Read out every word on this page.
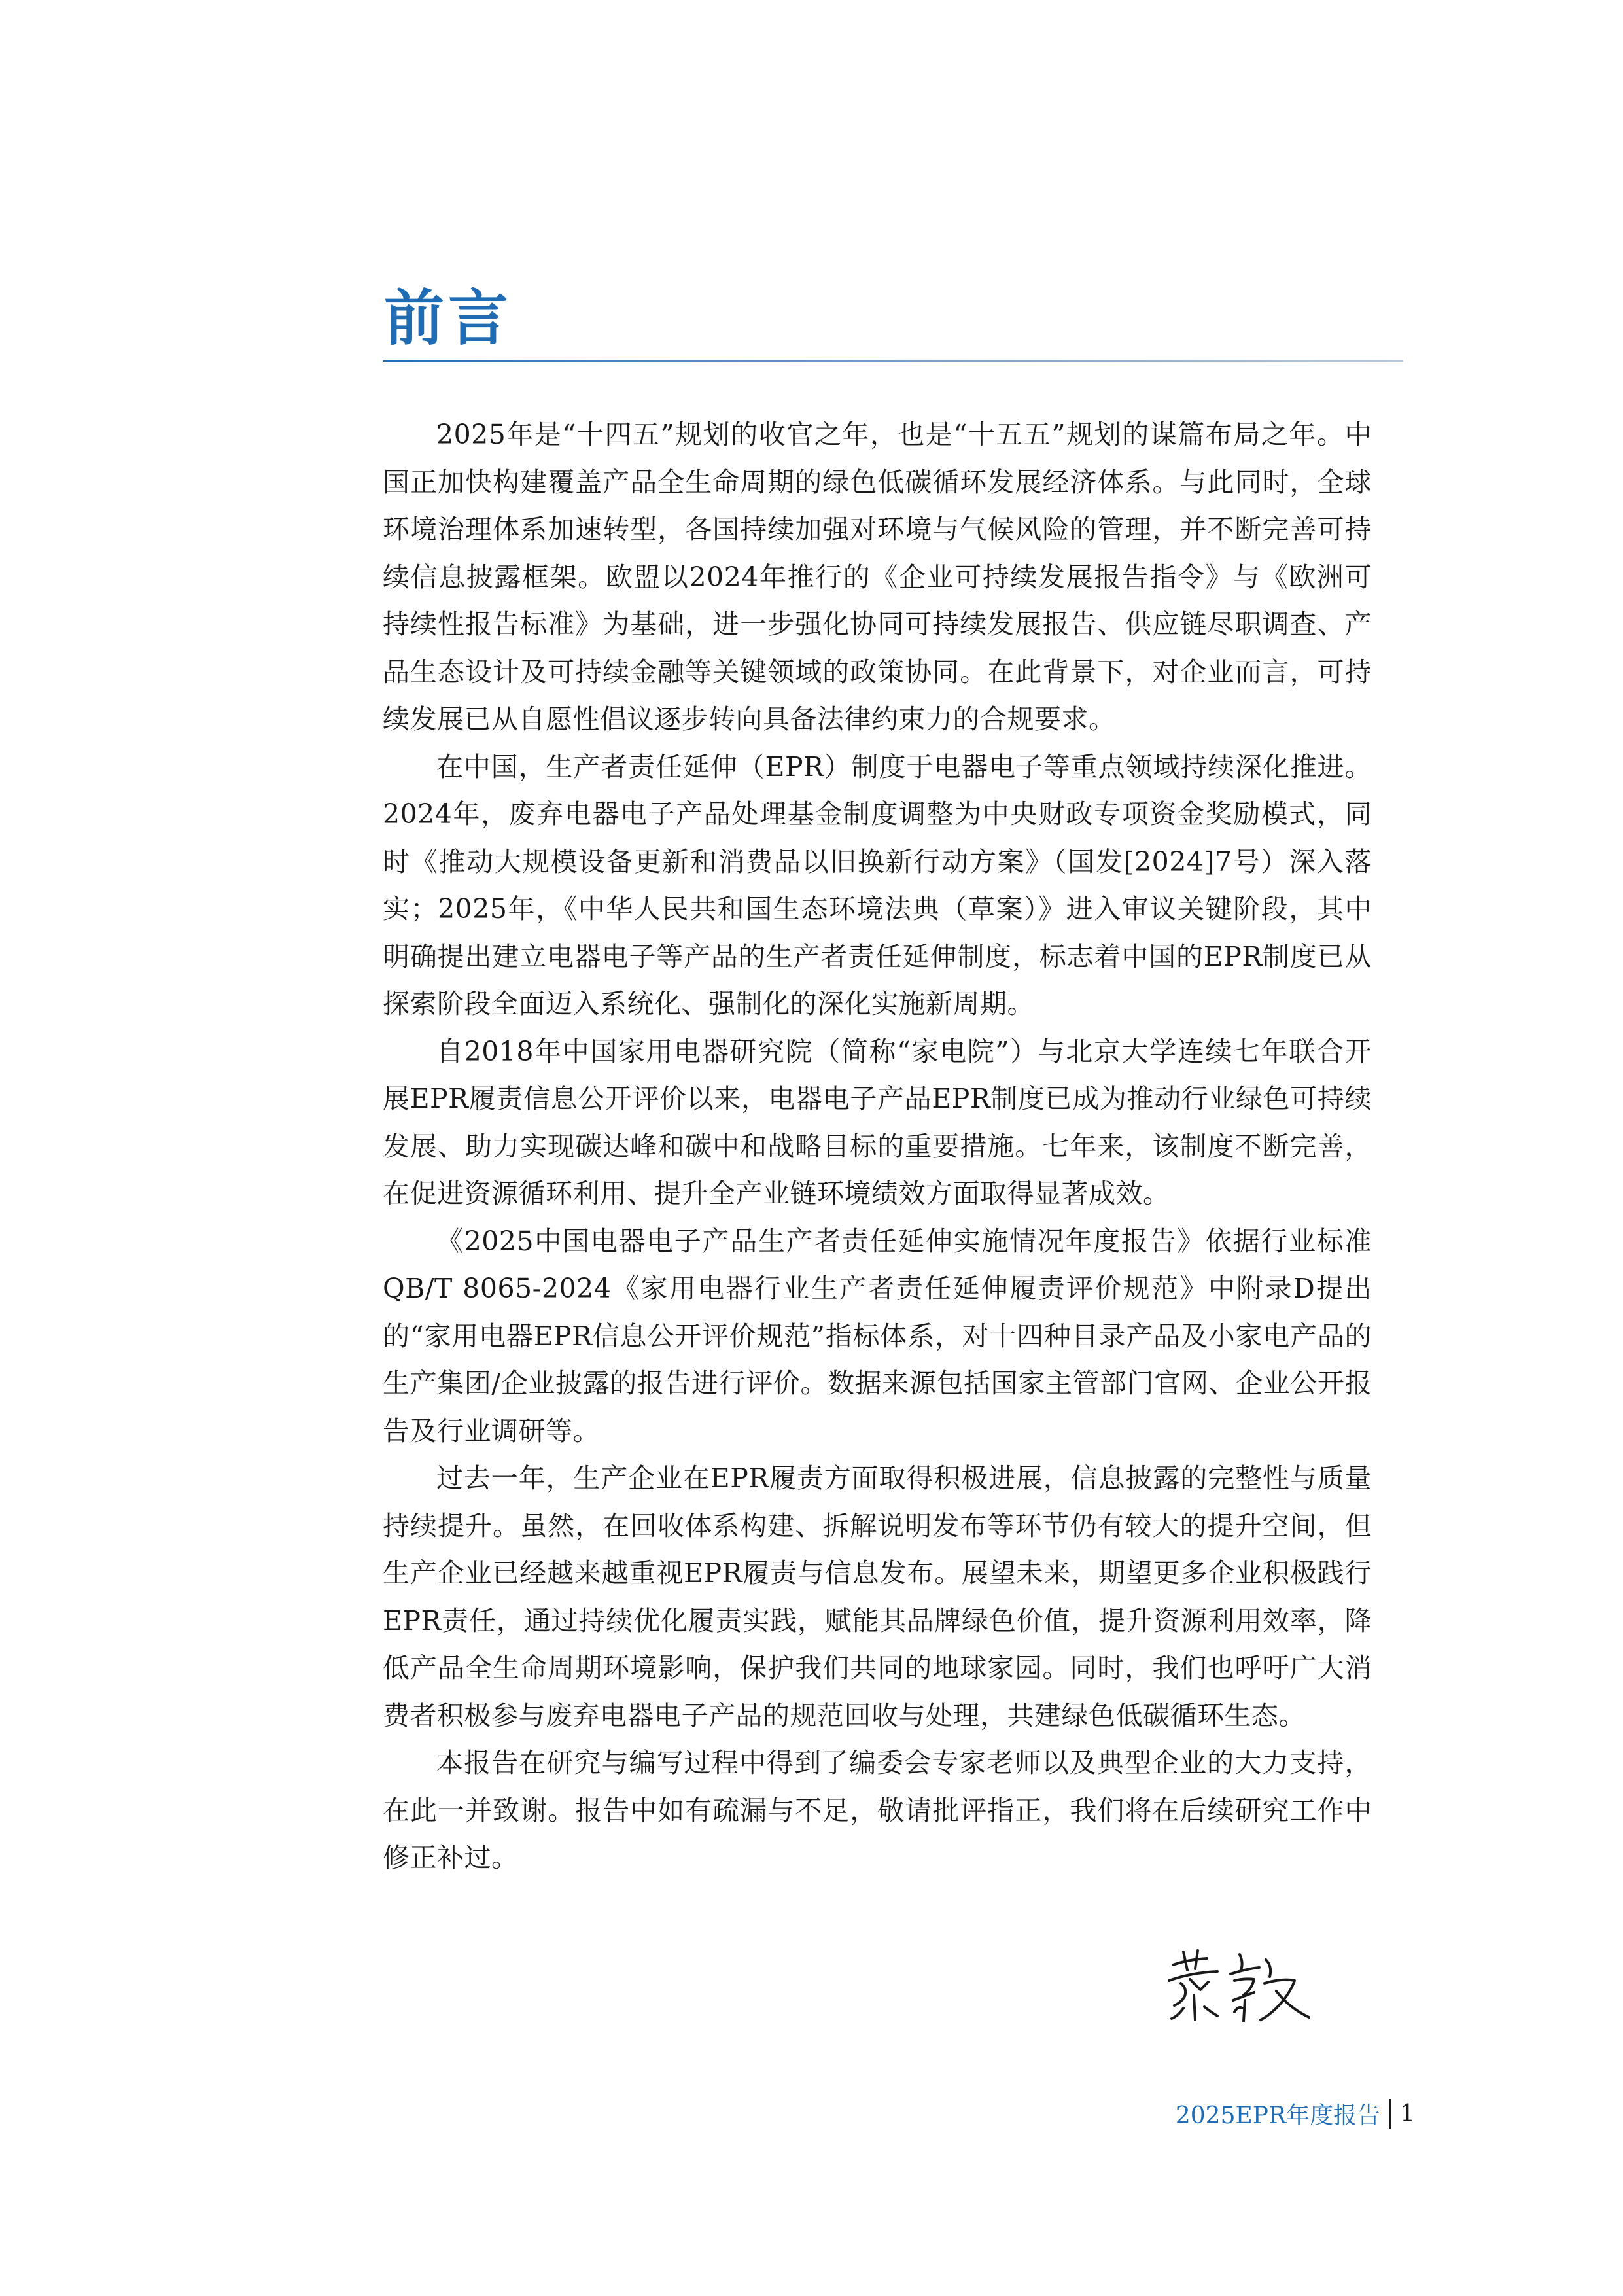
前言

2025年是“十四五”规划的收官之年，也是“十五五”规划的谋篇布局之年。中国正加快构建覆盖产品全生命周期的绿色低碳循环发展经济体系。与此同时，全球环境治理体系加速转型，各国持续加强对环境与气候风险的管理，并不断完善可持续信息披露框架。欧盟以2024年推行的《企业可持续发展报告指令》与《欧洲可持续性报告标准》为基础，进一步强化协同可持续发展报告、供应链尽职调查、产品生态设计及可持续金融等关键领域的政策协同。在此背景下，对企业而言，可持续发展已从自愿性倡议逐步转向具备法律约束力的合规要求。

在中国，生产者责任延伸（EPR）制度于电器电子等重点领域持续深化推进。2024年，废弃电器电子产品处理基金制度调整为中央财政专项资金奖励模式，同时《推动大规模设备更新和消费品以旧换新行动方案》（国发[2024]7号）深入落实；2025年，《中华人民共和国生态环境法典（草案）》进入审议关键阶段，其中明确提出建立电器电子等产品的生产者责任延伸制度，标志着中国的EPR制度已从探索阶段全面迈入系统化、强制化的深化实施新周期。

自2018年中国家用电器研究院（简称“家电院”）与北京大学连续七年联合开展EPR履责信息公开评价以来，电器电子产品EPR制度已成为推动行业绿色可持续发展、助力实现碳达峰和碳中和战略目标的重要措施。七年来，该制度不断完善，在促进资源循环利用、提升全产业链环境绩效方面取得显著成效。

《2025中国电器电子产品生产者责任延伸实施情况年度报告》依据行业标准QB/T 8065-2024《家用电器行业生产者责任延伸履责评价规范》中附录D提出的“家用电器EPR信息公开评价规范”指标体系，对十四种目录产品及小家电产品的生产集团/企业披露的报告进行评价。数据来源包括国家主管部门官网、企业公开报告及行业调研等。

过去一年，生产企业在EPR履责方面取得积极进展，信息披露的完整性与质量持续提升。虽然，在回收体系构建、拆解说明发布等环节仍有较大的提升空间，但生产企业已经越来越重视EPR履责与信息发布。展望未来，期望更多企业积极践行EPR责任，通过持续优化履责实践，赋能其品牌绿色价值，提升资源利用效率，降低产品全生命周期环境影响，保护我们共同的地球家园。同时，我们也呼吁广大消费者积极参与废弃电器电子产品的规范回收与处理，共建绿色低碳循环生态。

本报告在研究与编写过程中得到了编委会专家老师以及典型企业的大力支持，在此一并致谢。报告中如有疏漏与不足，敬请批评指正，我们将在后续研究工作中修正补过。

2025EPR年度报告 1
